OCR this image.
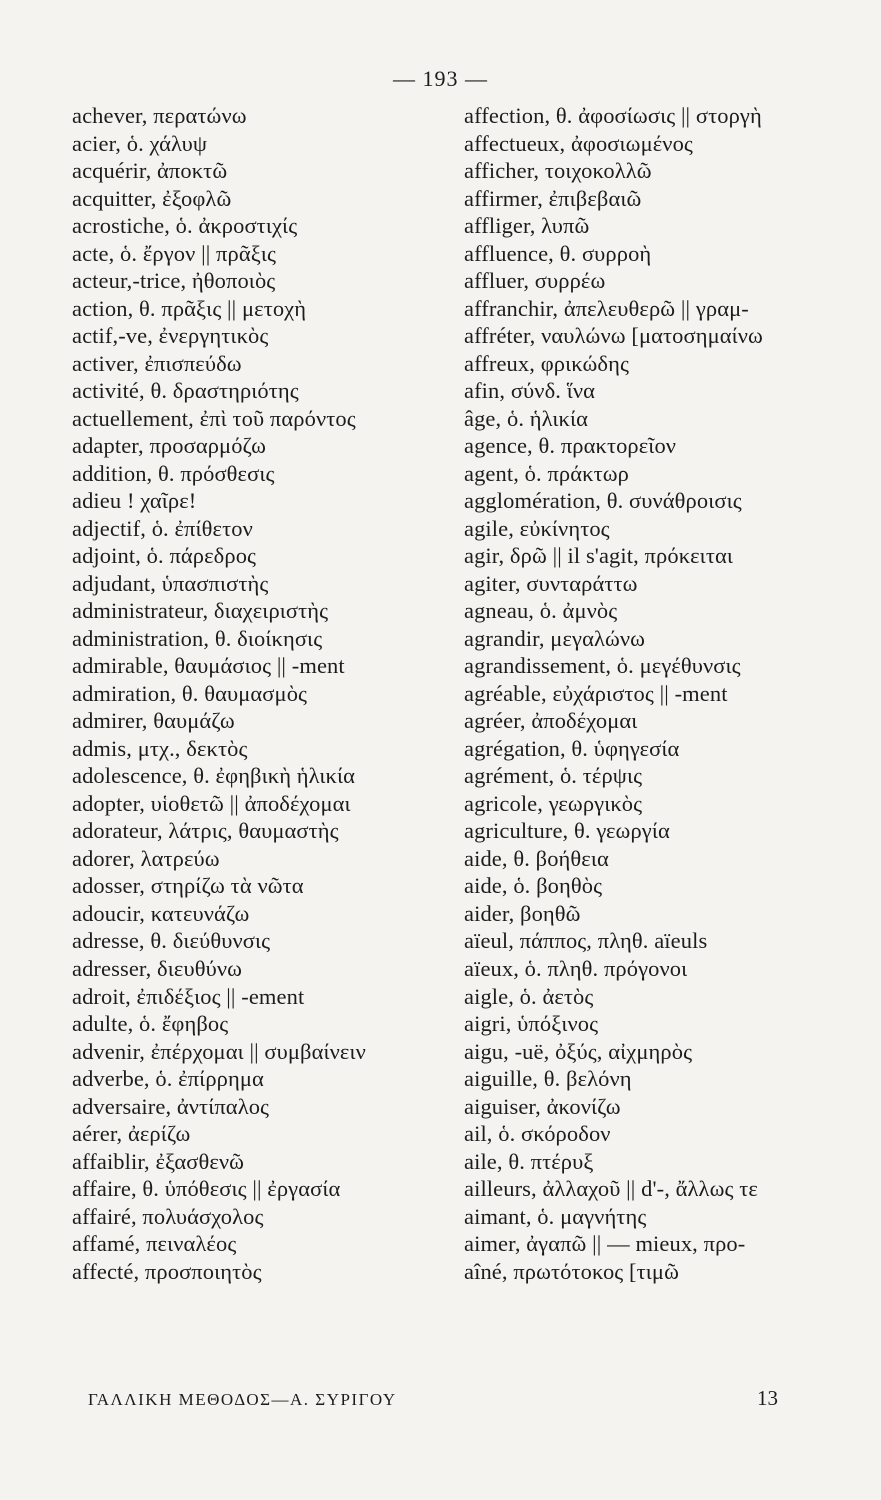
— 193 —
achever, περατώνω
acier, ὁ. χάλυψ
acquérir, ἀποκτῶ
acquitter, ἐξοφλῶ
acrostiche, ὁ. ἀκροστιχίς
acte, ὁ. ἔργον || πρᾶξις
acteur,-trice, ἠθοποιὸς
action, θ. πρᾶξις || μετοχὴ
actif,-ve, ἐνεργητικὸς
activer, ἐπισπεύδω
activité, θ. δραστηριότης
actuellement, ἐπὶ τοῦ παρόντος
adapter, προσαρμόζω
addition, θ. πρόσθεσις
adieu ! χαῖρε!
adjectif, ὁ. ἐπίθετον
adjoint, ὁ. πάρεδρος
adjudant, ὑπασπιστὴς
administrateur, διαχειριστὴς
administration, θ. διοίκησις
admirable, θαυμάσιος || -ment
admiration, θ. θαυμασμὸς
admirer, θαυμάζω
admis, μτχ., δεκτὸς
adolescence, θ. ἐφηβικὴ ἡλικία
adopter, υἱοθετῶ || ἀποδέχομαι
adorateur, λάτρις, θαυμαστὴς
adorer, λατρεύω
adosser, στηρίζω τὰ νῶτα
adoucir, κατευνάζω
adresse, θ. διεύθυνσις
adresser, διευθύνω
adroit, ἐπιδέξιος || -ement
adulte, ὁ. ἔφηβος
advenir, ἐπέρχομαι || συμβαίνειν
adverbe, ὁ. ἐπίρρημα
adversaire, ἀντίπαλος
aérer, ἀερίζω
affaiblir, ἐξασθενῶ
affaire, θ. ὑπόθεσις || ἐργασία
affairé, πολυάσχολος
affamé, πειναλέος
affecté, προσποιητὸς
affection, θ. ἀφοσίωσις || στοργὴ
affectueux, ἀφοσιωμένος
afficher, τοιχοκολλῶ
affirmer, ἐπιβεβαιῶ
affliger, λυπῶ
affluence, θ. συρροὴ
affluer, συρρέω
affranchir, ἀπελευθερῶ || γραμ-
affréter, ναυλώνω [ματοσημαίνω
affreux, φρικώδης
afin, σύνδ. ἵνα
âge, ὁ. ἡλικία
agence, θ. πρακτορεῖον
agent, ὁ. πράκτωρ
agglomération, θ. συνάθροισις
agile, εὐκίνητος
agir, δρῶ || il s'agit, πρόκειται
agiter, συνταράττω
agneau, ὁ. ἀμνὸς
agrandir, μεγαλώνω
agrandissement, ὁ. μεγέθυνσις
agréable, εὐχάριστος || -ment
agréer, ἀποδέχομαι
agrégation, θ. ὑφηγεσία
agrément, ὁ. τέρψις
agricole, γεωργικὸς
agriculture, θ. γεωργία
aide, θ. βοήθεια
aide, ὁ. βοηθὸς
aider, βοηθῶ
aïeul, πάππος, πληθ. aïeuls
aïeux, ὁ. πληθ. πρόγονοι
aigle, ὁ. ἀετὸς
aigri, ὑπόξινος
aigu, -uë, ὀξύς, αἰχμηρὸς
aiguille, θ. βελόνη
aiguiser, ἀκονίζω
ail, ὁ. σκόροδον
aile, θ. πτέρυξ
ailleurs, ἀλλαχοῦ || d'-, ἄλλως τε
aimant, ὁ. μαγνήτης
aimer, ἀγαπῶ || — mieux, προ-
aîné, πρωτότοκος [τιμῶ
ΓΑΛΛΙΚΗ ΜΕΘΟΔΟΣ—Α. ΣΥΡΙΓΟΥ	13
